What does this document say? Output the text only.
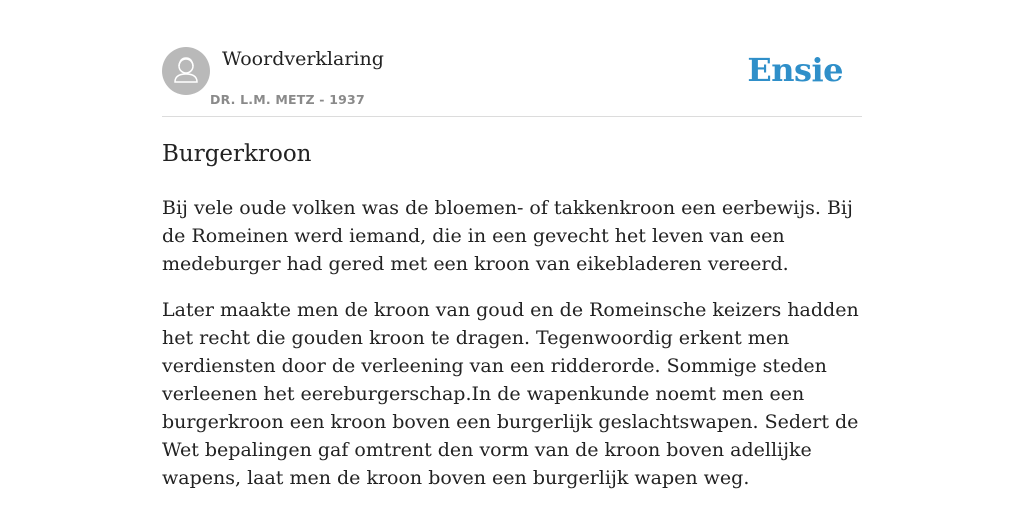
Woordverklaring
DR. L.M. METZ - 1937
Ensie
Burgerkroon

Bij vele oude volken was de bloemen- of takkenkroon een eerbewijs. Bij de Romeinen werd iemand, die in een gevecht het leven van een medeburger had gered met een kroon van eikebladeren vereerd.

Later maakte men de kroon van goud en de Romeinsche keizers hadden het recht die gouden kroon te dragen. Tegenwoordig erkent men verdiensten door de verleening van een ridderorde. Sommige steden verleenen het eereburgerschap.In de wapenkunde noemt men een burgerkroon een kroon boven een burgerlijk geslachtswapen. Sedert de Wet bepalingen gaf omtrent den vorm van de kroon boven adellijke wapens, laat men de kroon boven een burgerlijk wapen weg.
